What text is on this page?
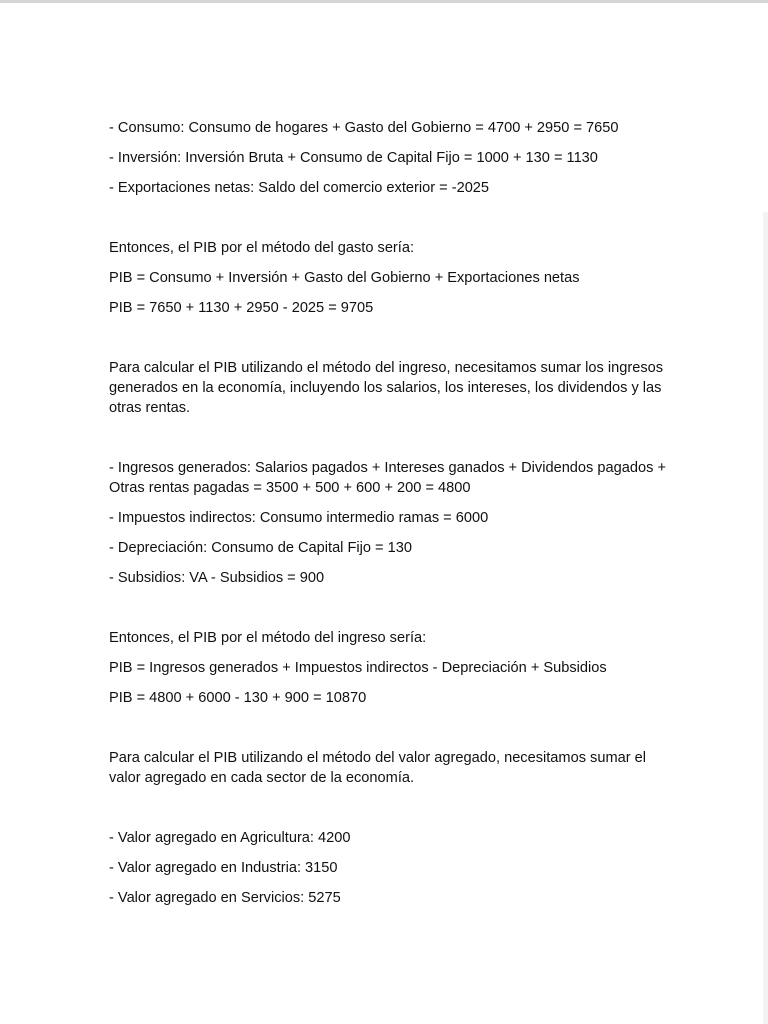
- Consumo: Consumo de hogares + Gasto del Gobierno = 4700 + 2950 = 7650

- Inversión: Inversión Bruta + Consumo de Capital Fijo = 1000 + 130 = 1130

- Exportaciones netas: Saldo del comercio exterior = -2025

Entonces, el PIB por el método del gasto sería:

PIB = Consumo + Inversión + Gasto del Gobierno + Exportaciones netas

PIB = 7650 + 1130 + 2950 - 2025 = 9705

Para calcular el PIB utilizando el método del ingreso, necesitamos sumar los ingresos generados en la economía, incluyendo los salarios, los intereses, los dividendos y las otras rentas.

- Ingresos generados: Salarios pagados + Intereses ganados + Dividendos pagados + Otras rentas pagadas = 3500 + 500 + 600 + 200 = 4800

- Impuestos indirectos: Consumo intermedio ramas = 6000

- Depreciación: Consumo de Capital Fijo = 130

- Subsidios: VA - Subsidios = 900

Entonces, el PIB por el método del ingreso sería:

PIB = Ingresos generados + Impuestos indirectos - Depreciación + Subsidios

PIB = 4800 + 6000 - 130 + 900 = 10870

Para calcular el PIB utilizando el método del valor agregado, necesitamos sumar el valor agregado en cada sector de la economía.

- Valor agregado en Agricultura: 4200

- Valor agregado en Industria: 3150

- Valor agregado en Servicios: 5275
